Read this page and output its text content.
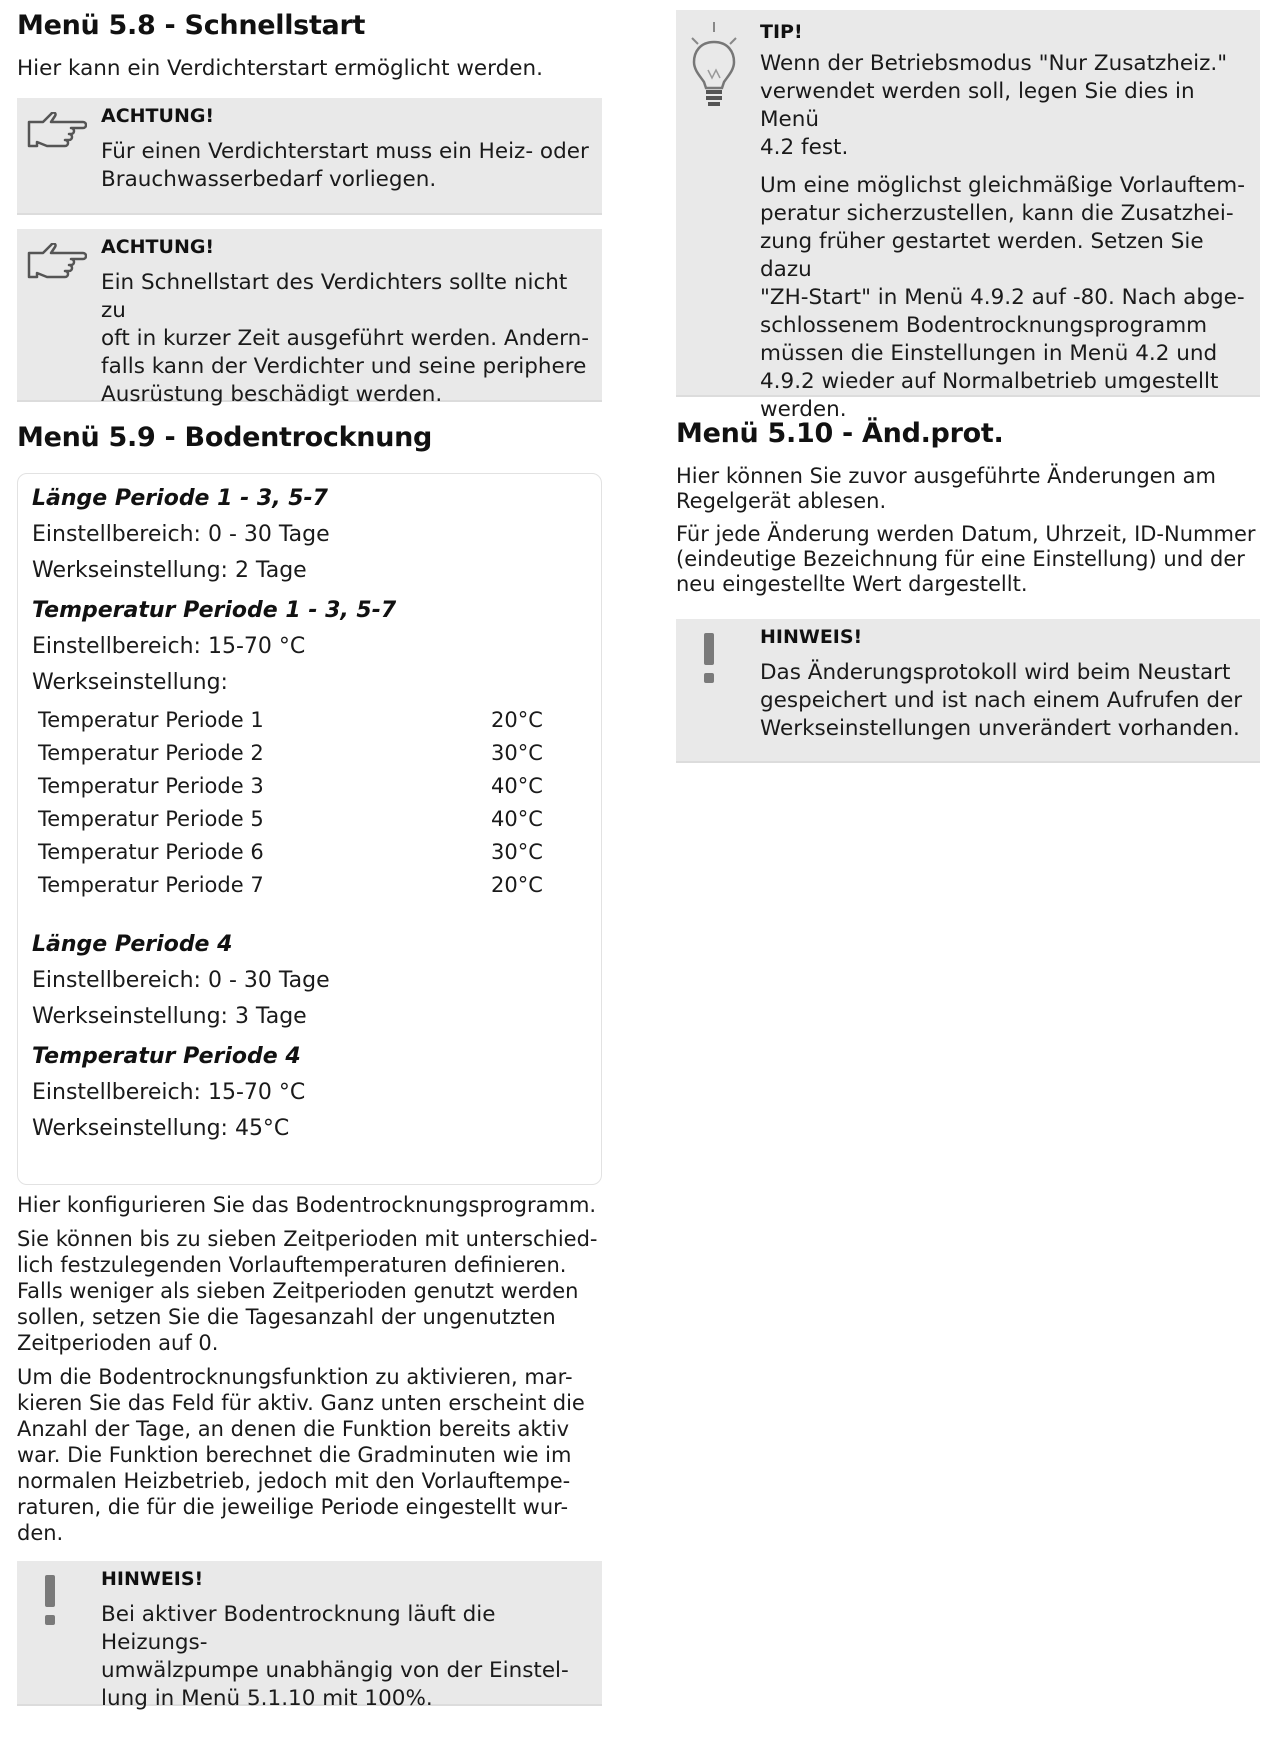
Menü 5.8 - Schnellstart

Hier kann ein Verdichterstart ermöglicht werden.

ACHTUNG!
Für einen Verdichterstart muss ein Heiz- oder
Brauchwasserbedarf vorliegen.
ACHTUNG!
Ein Schnellstart des Verdichters sollte nicht zu
oft in kurzer Zeit ausgeführt werden. Andern-
falls kann der Verdichter und seine periphere
Ausrüstung beschädigt werden.
Menü 5.9 - Bodentrocknung
Länge Periode 1 - 3, 5-7
Einstellbereich: 0 - 30 Tage
Werkseinstellung: 2 Tage
Temperatur Periode 1 - 3, 5-7
Einstellbereich: 15-70 °C
Werkseinstellung:
Temperatur Periode 1	20°C
Temperatur Periode 2	30°C
Temperatur Periode 3	40°C
Temperatur Periode 5	40°C
Temperatur Periode 6	30°C
Temperatur Periode 7	20°C
Länge Periode 4
Einstellbereich: 0 - 30 Tage
Werkseinstellung: 3 Tage
Temperatur Periode 4
Einstellbereich: 15-70 °C
Werkseinstellung: 45°C
Hier konfigurieren Sie das Bodentrocknungsprogramm.
Sie können bis zu sieben Zeitperioden mit unterschied-
lich festzulegenden Vorlauftemperaturen definieren.
Falls weniger als sieben Zeitperioden genutzt werden
sollen, setzen Sie die Tagesanzahl der ungenutzten
Zeitperioden auf 0.
Um die Bodentrocknungsfunktion zu aktivieren, mar-
kieren Sie das Feld für aktiv. Ganz unten erscheint die
Anzahl der Tage, an denen die Funktion bereits aktiv
war. Die Funktion berechnet die Gradminuten wie im
normalen Heizbetrieb, jedoch mit den Vorlauftempe-
raturen, die für die jeweilige Periode eingestellt wur-
den.
HINWEIS!
Bei aktiver Bodentrocknung läuft die Heizungs-
umwälzpumpe unabhängig von der Einstel-
lung in Menü 5.1.10 mit 100%.
TIP!
Wenn der Betriebsmodus "Nur Zusatzheiz."
verwendet werden soll, legen Sie dies in Menü
4.2 fest.
Um eine möglichst gleichmäßige Vorlauftem-
peratur sicherzustellen, kann die Zusatzhei-
zung früher gestartet werden. Setzen Sie dazu
"ZH-Start" in Menü 4.9.2 auf -80. Nach abge-
schlossenem Bodentrocknungsprogramm
müssen die Einstellungen in Menü 4.2 und
4.9.2 wieder auf Normalbetrieb umgestellt
werden.
Menü 5.10 - Änd.prot.
Hier können Sie zuvor ausgeführte Änderungen am
Regelgerät ablesen.
Für jede Änderung werden Datum, Uhrzeit, ID-Nummer
(eindeutige Bezeichnung für eine Einstellung) und der
neu eingestellte Wert dargestellt.
HINWEIS!
Das Änderungsprotokoll wird beim Neustart
gespeichert und ist nach einem Aufrufen der
Werkseinstellungen unverändert vorhanden.
